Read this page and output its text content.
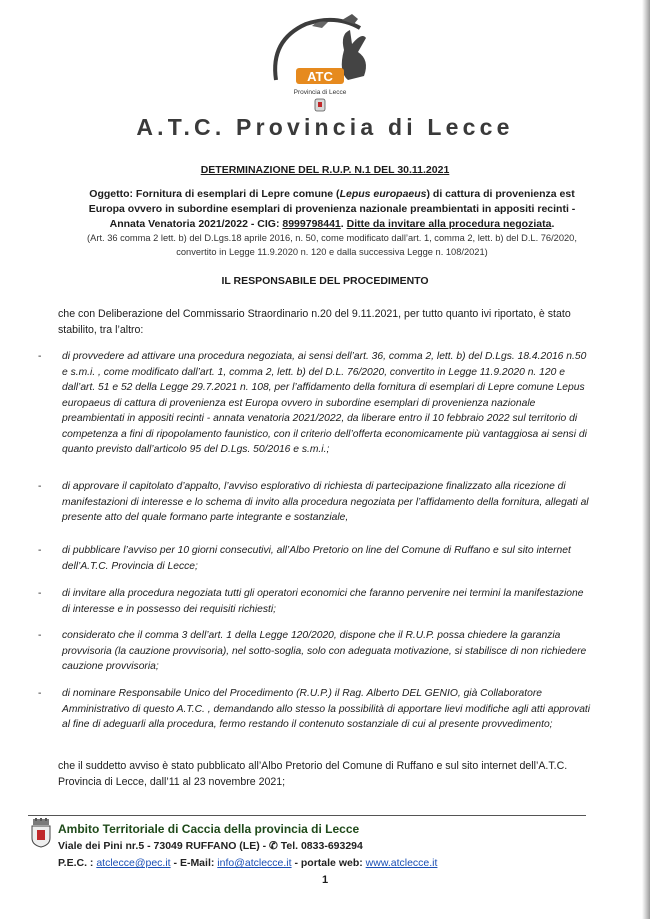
ATC
Provincia di Lecce
A.T.C. Provincia di Lecce
DETERMINAZIONE DEL R.U.P. N.1 DEL 30.11.2021
Oggetto: Fornitura di esemplari di Lepre comune (Lepus europaeus) di cattura di provenienza est Europa ovvero in subordine esemplari di provenienza nazionale preambientati in appositi recinti - Annata Venatoria 2021/2022 - CIG: 8999798441. Ditte da invitare alla procedura negoziata.
(Art. 36 comma 2 lett. b) del D.Lgs.18 aprile 2016, n. 50, come modificato dall’art. 1, comma 2, lett. b) del D.L. 76/2020, convertito in Legge 11.9.2020 n. 120 e dalla successiva Legge n. 108/2021)
IL RESPONSABILE DEL PROCEDIMENTO
che con Deliberazione del Commissario Straordinario n.20 del 9.11.2021, per tutto quanto ivi riportato, è stato stabilito, tra l’altro:
- di provvedere ad attivare una procedura negoziata, ai sensi dell’art. 36, comma 2, lett. b) del D.Lgs. 18.4.2016 n.50 e s.m.i. , come modificato dall’art. 1, comma 2, lett. b) del D.L. 76/2020, convertito in Legge 11.9.2020 n. 120 e dall’art. 51 e 52 della Legge 29.7.2021 n. 108, per l’affidamento della fornitura di esemplari di Lepre comune Lepus europaeus di cattura di provenienza est Europa ovvero in subordine esemplari di provenienza nazionale preambientati in appositi recinti - annata venatoria 2021/2022, da liberare entro il 10 febbraio 2022 sul territorio di competenza a fini di ripopolamento faunistico, con il criterio dell’offerta economicamente più vantaggiosa ai sensi di quanto previsto dall’articolo 95 del D.Lgs. 50/2016 e s.m.i.;
- di approvare il capitolato d’appalto, l’avviso esplorativo di richiesta di partecipazione finalizzato alla ricezione di manifestazioni di interesse e lo schema di invito alla procedura negoziata per l’affidamento della fornitura, allegati al presente atto del quale formano parte integrante e sostanziale,
- di pubblicare l’avviso per 10 giorni consecutivi, all’Albo Pretorio on line del Comune di Ruffano e sul sito internet dell’A.T.C. Provincia di Lecce;
- di invitare alla procedura negoziata tutti gli operatori economici che faranno pervenire nei termini la manifestazione di interesse e in possesso dei requisiti richiesti;
- considerato che il comma 3 dell’art. 1 della Legge 120/2020, dispone che il R.U.P. possa chiedere la garanzia provvisoria (la cauzione provvisoria), nel sotto-soglia, solo con adeguata motivazione, si stabilisce di non richiedere cauzione provvisoria;
- di nominare Responsabile Unico del Procedimento (R.U.P.) il Rag. Alberto DEL GENIO, già Collaboratore Amministrativo di questo A.T.C. , demandando allo stesso la possibilità di apportare lievi modifiche agli atti approvati al fine di adeguarli alla procedura, fermo restando il contenuto sostanziale di cui al presente provvedimento;
che il suddetto avviso è stato pubblicato all’Albo Pretorio del Comune di Ruffano e sul sito internet dell’A.T.C. Provincia di Lecce, dall’11 al 23 novembre 2021;
Ambito Territoriale di Caccia della provincia di Lecce
Viale dei Pini nr.5 - 73049 RUFFANO (LE) - ✆ Tel. 0833-693294
P.E.C. : atclecce@pec.it - E-Mail: info@atclecce.it - portale web: www.atclecce.it
1
